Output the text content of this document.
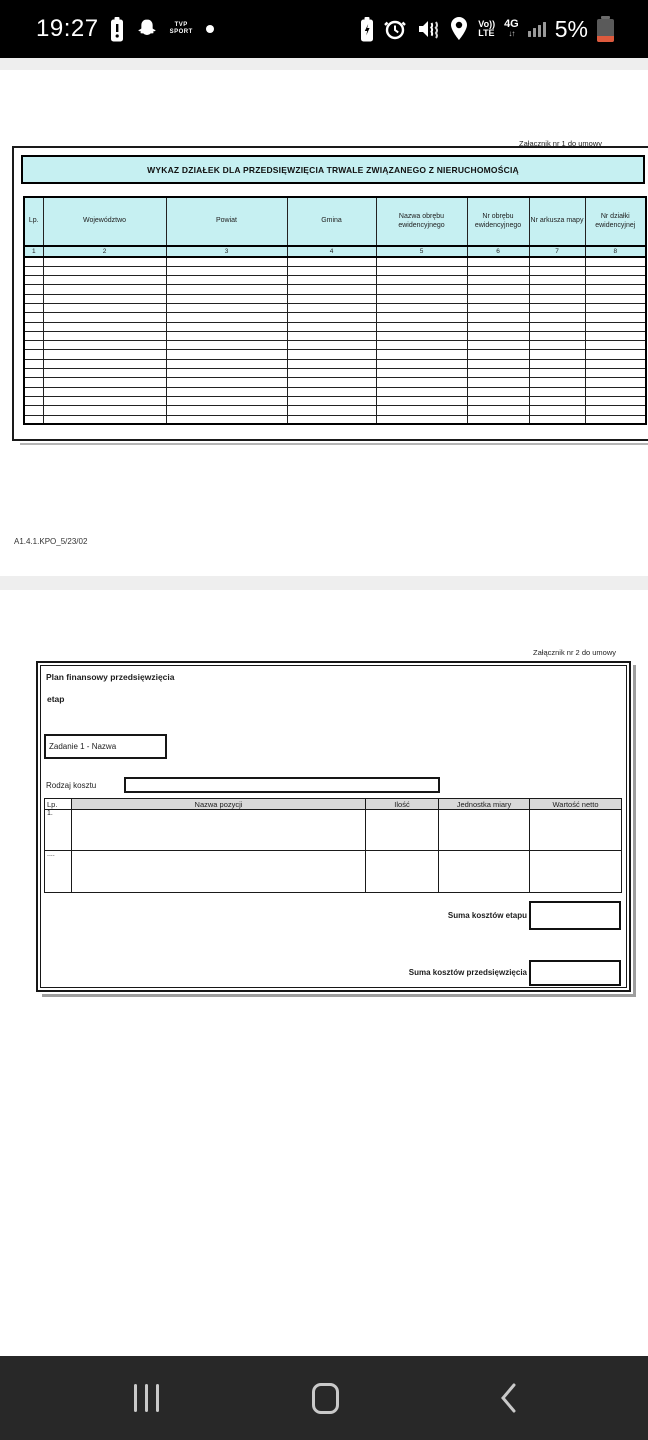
19:27	TVP
SPORT
Vo))
LTE
4G
↓↑ 5%
Załącznik nr 1 do umowy
WYKAZ DZIAŁEK DLA PRZEDSIĘWZIĘCIA TRWALE ZWIĄZANEGO Z NIERUCHOMOŚCIĄ
Lp.	Województwo	Powiat	Gmina	Nazwa obrębu ewidencyjnego	Nr obrębu ewidencyjnego	Nr arkusza mapy	Nr działki ewidencyjnej
1	2	3	4	5	6	7	8

A1.4.1.KPO_5/23/02
Załącznik nr 2 do umowy
Plan finansowy przedsięwzięcia
etap
Zadanie 1 - Nazwa
Rodzaj kosztu
Lp.	Nazwa pozycji	Ilość	Jednostka miary	Wartość netto
1.				
....				
Suma kosztów etapu
Suma kosztów przedsięwzięcia
